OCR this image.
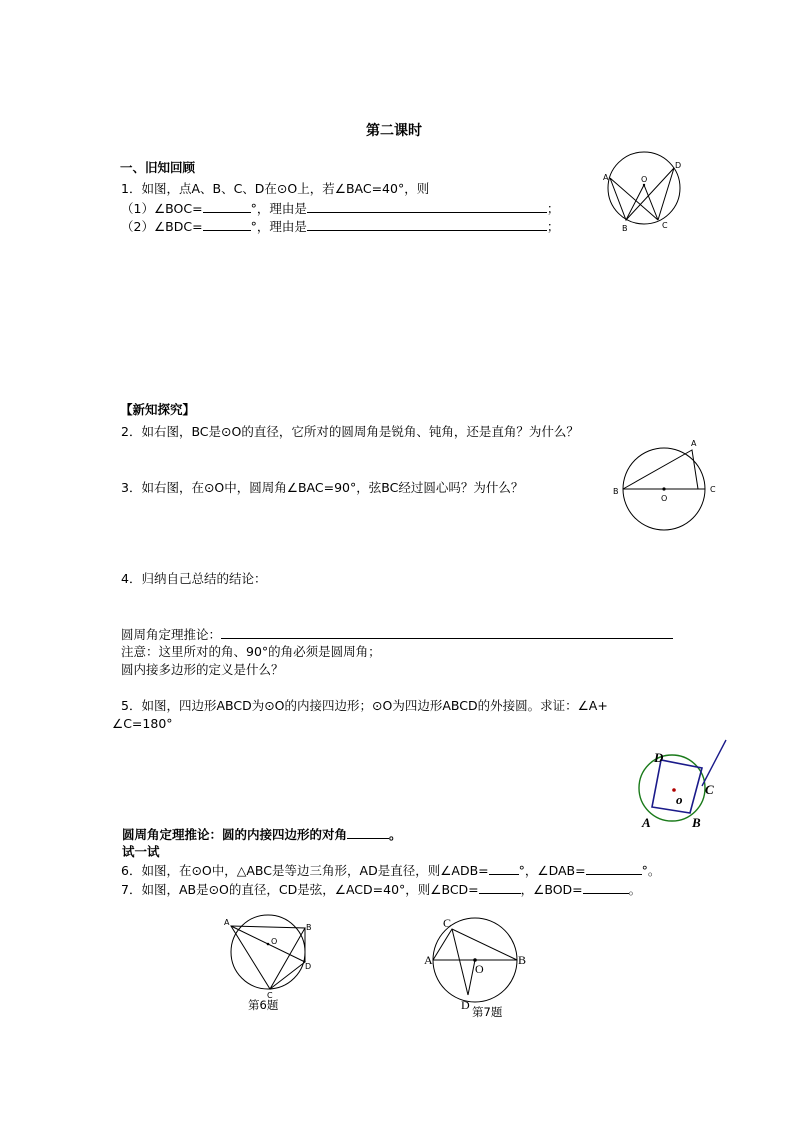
第二课时
一、旧知回顾
1．如图，点A、B、C、D在⊙O上，若∠BAC=40°，则
（1）∠BOC=	°，理由是	；
（2）∠BDC=	°，理由是	；
A
B	C
D
O
【新知探究】
2．如右图，BC是⊙O的直径，它所对的圆周角是锐角、钝角，还是直角？为什么？
3．如右图，在⊙O中，圆周角∠BAC=90°，弦BC经过圆心吗？为什么？	B	C
A
O
4．归纳自己总结的结论：
圆周角定理推论：
注意：这里所对的角、90°的角必须是圆周角；
圆内接多边形的定义是什么？
5．如图，四边形ABCD为⊙O的内接四边形；⊙O为四边形ABCD的外接圆。求证：∠A+
∠C=180°
A	B
C
D
o
圆周角定理推论：圆的内接四边形的对角	。
试一试
6．如图，在⊙O中，△ABC是等边三角形，AD是直径，则∠ADB= °，∠DAB=	°。
7．如图，AB是⊙O的直径，CD是弦，∠ACD=40°，则∠BCD=	，∠BOD=	。
A
B
C
D
O
第6题
A	B
C
D
O
第7题
